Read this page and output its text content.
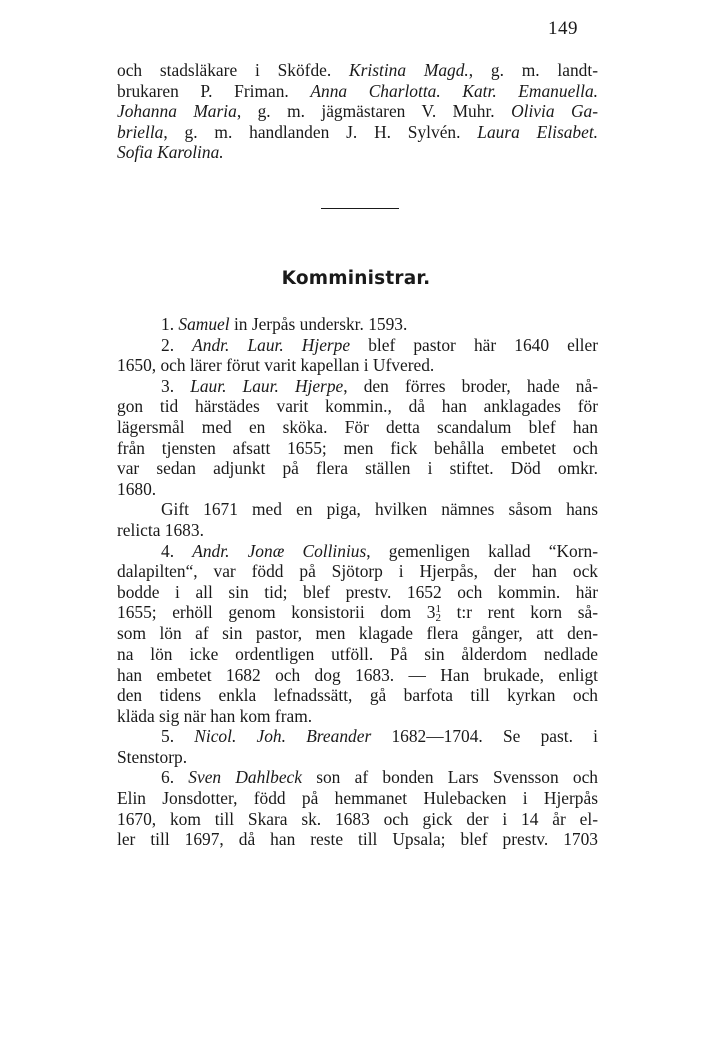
149
och stadsläkare i Sköfde. Kristina Magd., g. m. landt-
brukaren P. Friman. Anna Charlotta. Katr. Emanuella.
Johanna Maria, g. m. jägmästaren V. Muhr. Olivia Ga-
briella, g. m. handlanden J. H. Sylvén. Laura Elisabet.
Sofia Karolina.
Komministrar.
1. Samuel in Jerpås underskr. 1593.
2. Andr. Laur. Hjerpe blef pastor här 1640 eller
1650, och lärer förut varit kapellan i Ufvered.
3. Laur. Laur. Hjerpe, den förres broder, hade nå-
gon tid härstädes varit kommin., då han anklagades för
lägersmål med en sköka. För detta scandalum blef han
från tjensten afsatt 1655; men fick behålla embetet och
var sedan adjunkt på flera ställen i stiftet. Död omkr.
1680.
Gift 1671 med en piga, hvilken nämnes såsom hans
relicta 1683.
4. Andr. Jonæ Collinius, gemenligen kallad “Korn-
dalapilten“, var född på Sjötorp i Hjerpås, der han ock
bodde i all sin tid; blef prestv. 1652 och kommin. här
1655; erhöll genom konsistorii dom 31
2 t:r rent korn så-
som lön af sin pastor, men klagade flera gånger, att den-
na lön icke ordentligen utföll. På sin ålderdom nedlade
han embetet 1682 och dog 1683. — Han brukade, enligt
den tidens enkla lefnadssätt, gå barfota till kyrkan och
kläda sig när han kom fram.
5. Nicol. Joh. Breander 1682—1704. Se past. i
Stenstorp.
6. Sven Dahlbeck son af bonden Lars Svensson och
Elin Jonsdotter, född på hemmanet Hulebacken i Hjerpås
1670, kom till Skara sk. 1683 och gick der i 14 år el-
ler till 1697, då han reste till Upsala; blef prestv. 1703
